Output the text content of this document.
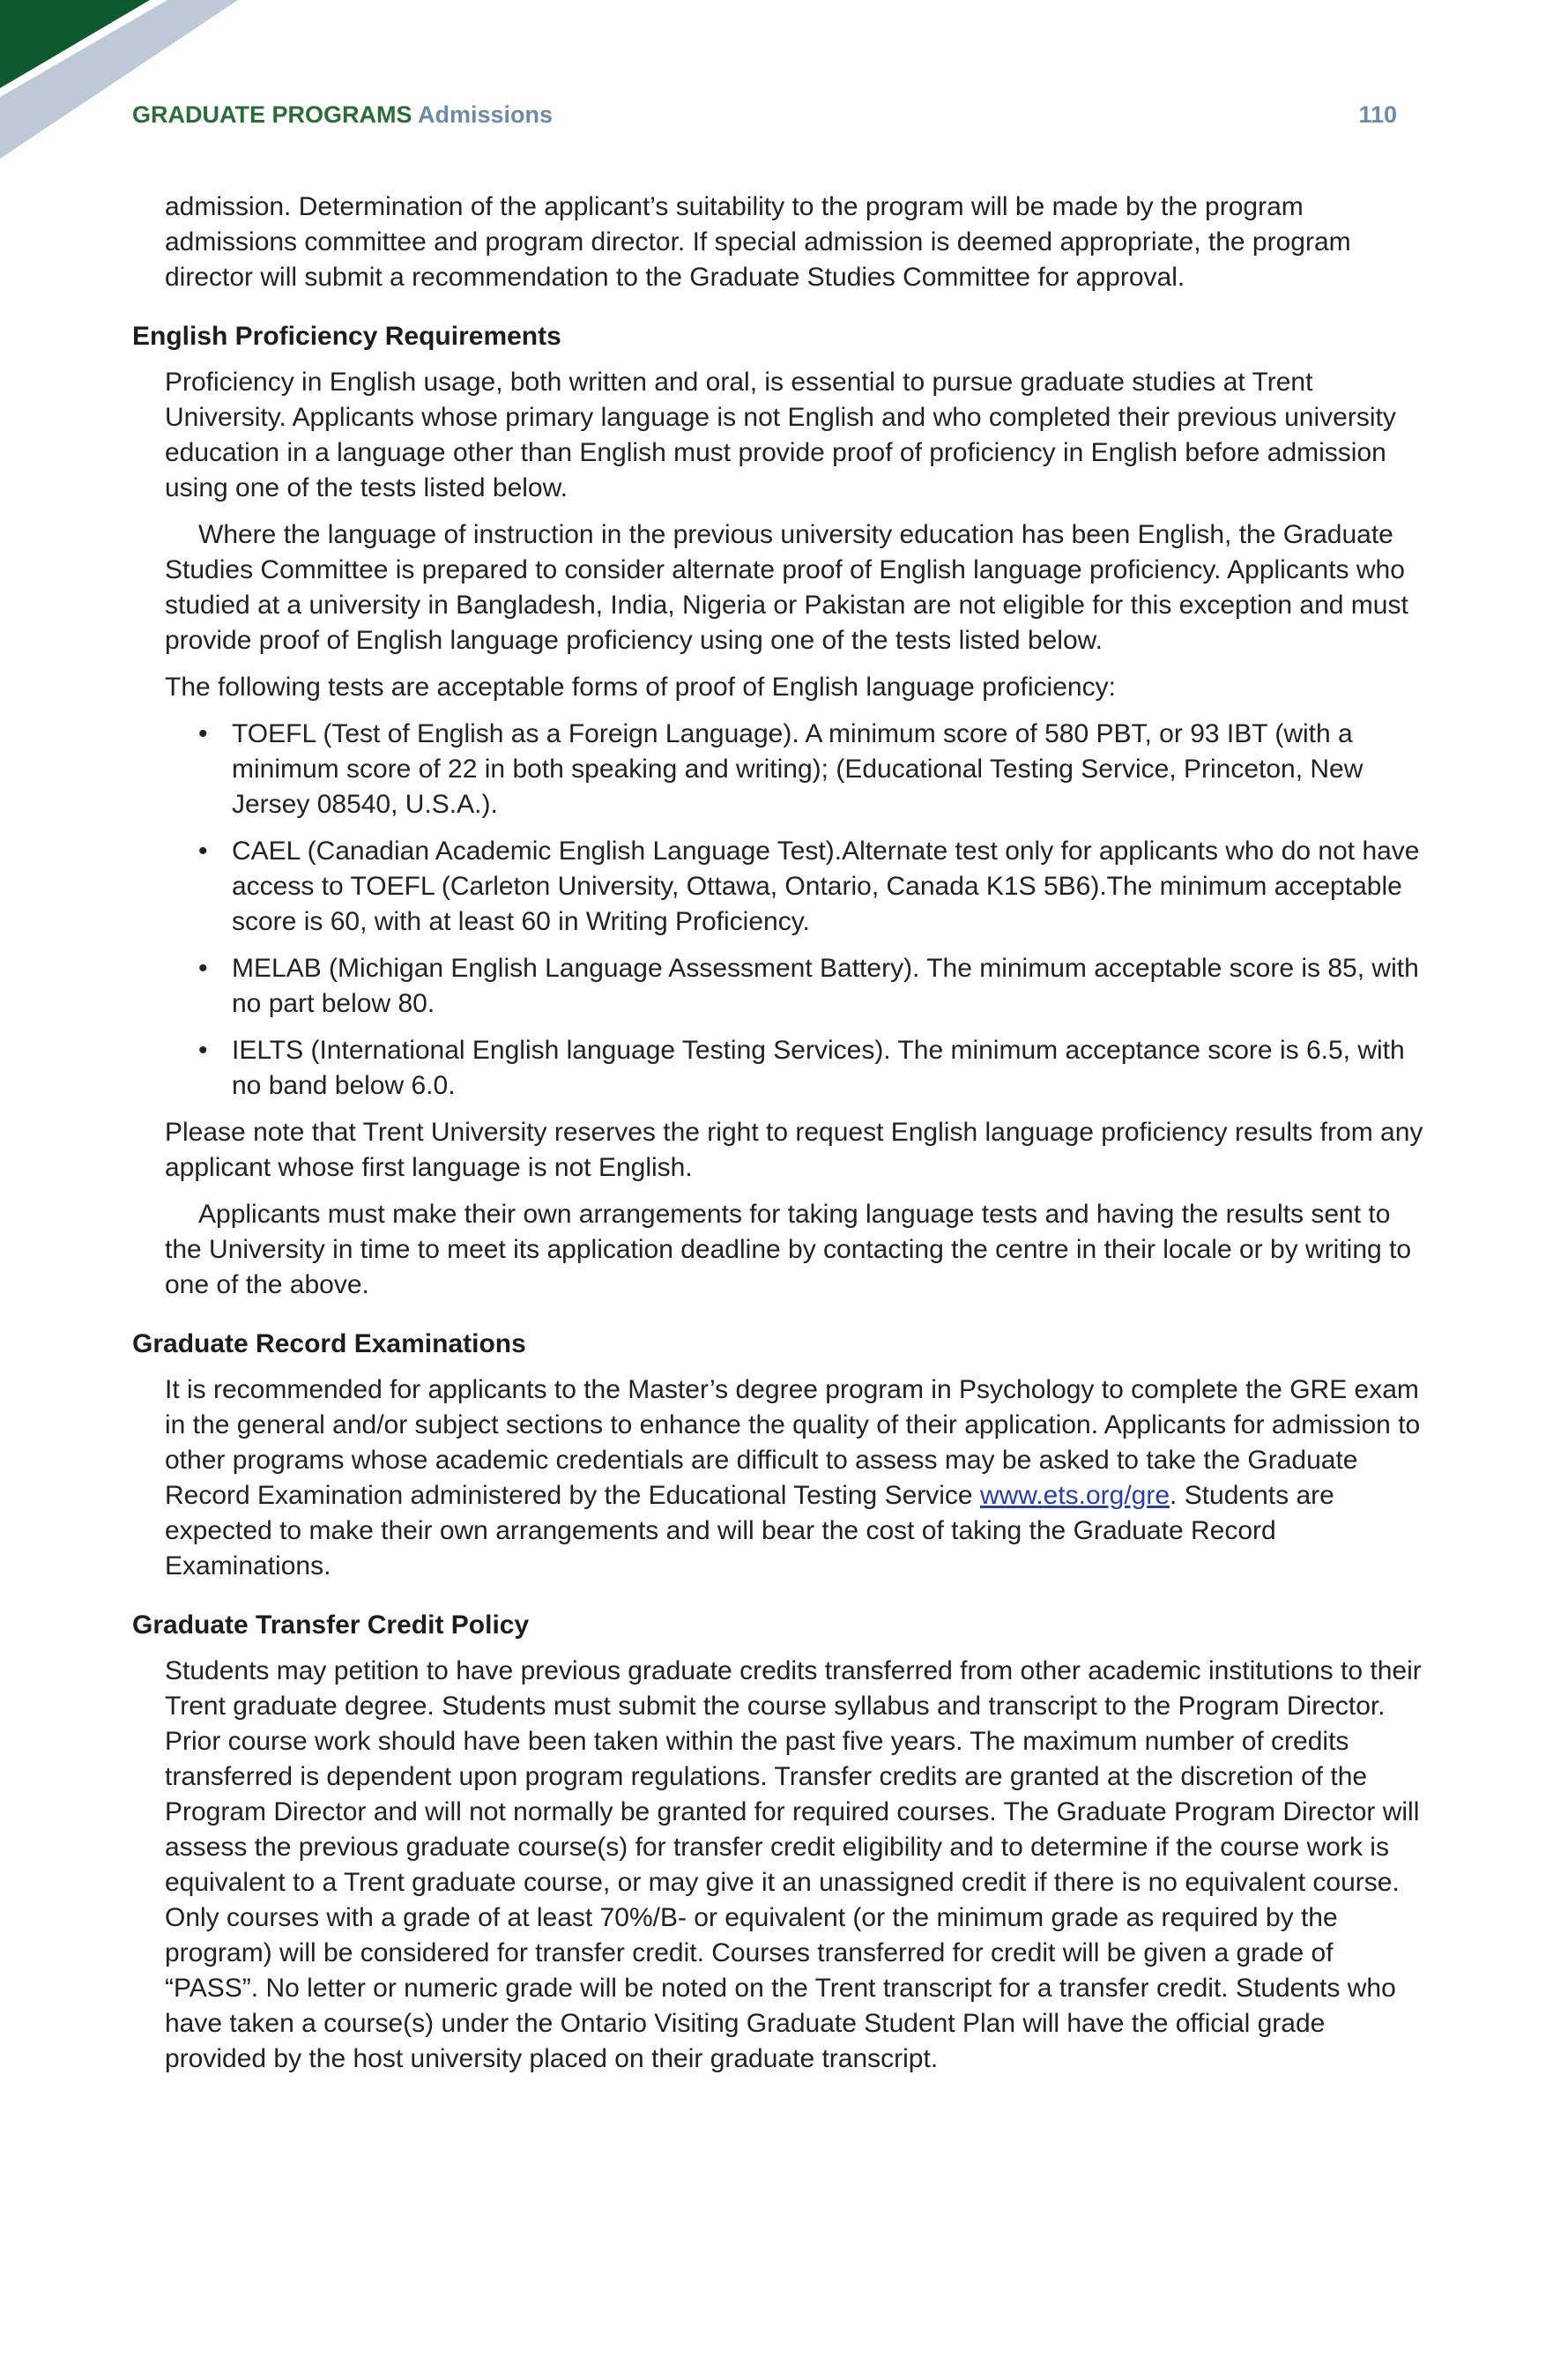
GRADUATE PROGRAMS Admissions	110

admission. Determination of the applicant’s suitability to the program will be made by the program admissions committee and program director. If special admission is deemed appropriate, the program director will submit a recommendation to the Graduate Studies Committee for approval.

English Proficiency Requirements

Proficiency in English usage, both written and oral, is essential to pursue graduate studies at Trent University. Applicants whose primary language is not English and who completed their previous university education in a language other than English must provide proof of proficiency in English before admission using one of the tests listed below.

Where the language of instruction in the previous university education has been English, the Graduate Studies Committee is prepared to consider alternate proof of English language proficiency. Applicants who studied at a university in Bangladesh, India, Nigeria or Pakistan are not eligible for this exception and must provide proof of English language proficiency using one of the tests listed below.

The following tests are acceptable forms of proof of English language proficiency:

• TOEFL (Test of English as a Foreign Language). A minimum score of 580 PBT, or 93 IBT (with a minimum score of 22 in both speaking and writing); (Educational Testing Service, Princeton, New Jersey 08540, U.S.A.).
• CAEL (Canadian Academic English Language Test).Alternate test only for applicants who do not have access to TOEFL (Carleton University, Ottawa, Ontario, Canada K1S 5B6).The minimum acceptable score is 60, with at least 60 in Writing Proficiency.
• MELAB (Michigan English Language Assessment Battery). The minimum acceptable score is 85, with no part below 80.
• IELTS (International English language Testing Services). The minimum acceptance score is 6.5, with no band below 6.0.

Please note that Trent University reserves the right to request English language proficiency results from any applicant whose first language is not English.

Applicants must make their own arrangements for taking language tests and having the results sent to the University in time to meet its application deadline by contacting the centre in their locale or by writing to one of the above.

Graduate Record Examinations

It is recommended for applicants to the Master’s degree program in Psychology to complete the GRE exam in the general and/or subject sections to enhance the quality of their application. Applicants for admission to other programs whose academic credentials are difficult to assess may be asked to take the Graduate Record Examination administered by the Educational Testing Service www.ets.org/gre. Students are expected to make their own arrangements and will bear the cost of taking the Graduate Record Examinations.

Graduate Transfer Credit Policy

Students may petition to have previous graduate credits transferred from other academic institutions to their Trent graduate degree. Students must submit the course syllabus and transcript to the Program Director. Prior course work should have been taken within the past five years. The maximum number of credits transferred is dependent upon program regulations. Transfer credits are granted at the discretion of the Program Director and will not normally be granted for required courses. The Graduate Program Director will assess the previous graduate course(s) for transfer credit eligibility and to determine if the course work is equivalent to a Trent graduate course, or may give it an unassigned credit if there is no equivalent course. Only courses with a grade of at least 70%/B- or equivalent (or the minimum grade as required by the program) will be considered for transfer credit. Courses transferred for credit will be given a grade of “PASS”. No letter or numeric grade will be noted on the Trent transcript for a transfer credit. Students who have taken a course(s) under the Ontario Visiting Graduate Student Plan will have the official grade provided by the host university placed on their graduate transcript.
